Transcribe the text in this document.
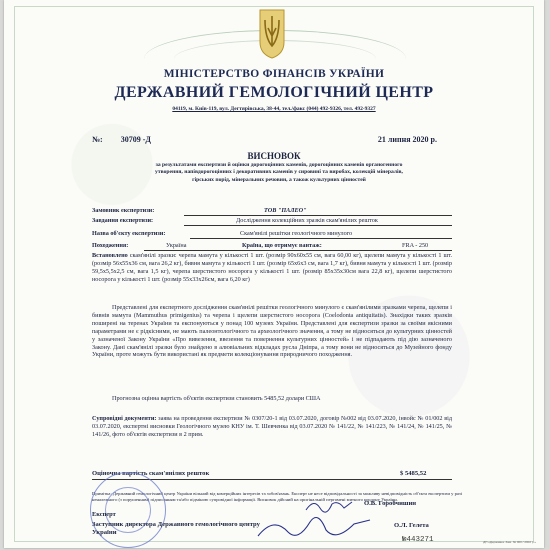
МІНІСТЕРСТВО ФІНАНСІВ УКРАЇНИ
ДЕРЖАВНИЙ ГЕМОЛОГІЧНИЙ ЦЕНТР
04119, м. Київ-119, вул. Дегтярівська, 38-44, тел./факс (044) 492-9326, тел. 492-9327
№: 30709 -Д	21 липня 2020 р.
ВИСНОВОК
за результатами експертизи й оцінки дорогоцінних каменів, дорогоцінних каменів органогенного утворення, напівдорогоцінних і декоративних каменів у сировині та виробах, колекцій мінералів, гірських порід, мінеральних речовин, а також культурних цінностей
Замовник експертизи:	ТОВ "ПАЛЕО"
Завдання експертизи:	Дослідження колекційних зразків скам'янілих решток
Назва об'єкту експертизи:	Скам'янілі решітки геологічного минулого
Походження:	Україна	Країна, що отримує вантаж:	FRA - 250
Встановлено скам'янілі зразки: черепа мамута у кількості 1 шт. (розмір 90х60х55 см, вага 60,00 кг), щелепи мамута у кількості 1 шт. (розмір 56х55х36 см, вага 26,2 кг), бивня мамута у кількості 1 шт. (розмір 65х6х3 см, вага 1,7 кг), бивня мамута у кількості 1 шт. (розмір 59,5х5,5х2,5 см, вага 1,5 кг), черепа шерстистого носорога у кількості 1 шт. (розмір 85х35х30см вага 22,8 кг), щелепи шерстистого носорога у кількості 1 шт. (розмір 55х33х26см, вага 6,20 кг)
Представлені для експертного дослідження скам'янілі решітки геологічного минулого є скам'янілими зразками черепа, щелепи і бивнів мамута (Mammuthus primigenius) та черепа і щелепи шерстистого носорога (Coelodonta antiquitatis). Знахідки таких зразків поширені на теренах України та експонуються у понад 100 музеях України. Представлені для експертизи зразки за своїми якісними параметрами не є рідкісними, не мають палеонтологічного та археологічного значення, а тому не відносяться до культурних цінностей у зазначеної Закону України «Про вивезення, ввезення та повернення культурних цінностей» і не підпадають під дію зазначеного Закону. Дані скам'янілі зразки було знайдено в алювіальних відкладах русла Дніпра, а тому вони не відносяться до Музейного фонду України, проте можуть бути використані як предмети колекціонування природничого походження.
Прогнозна оцінна вартість об'єктів експертизи становить 5485,52 долари США
Супровідні документи: заява на проведення експертизи № 0307/20-1 від 03.07.2020, договір №002 від 03.07.2020, інвойс № 01/002 від 03.07.2020, експертні висновки Геологічного музею КНУ ім. Т. Шевченка від 03.07.2020 № 141/22, № 141/223, № 141/24, № 141/25, № 141/26, фото об'єктів експертизи в 2 прим.
Оціночна вартість скам'янілих решток	$ 5485,52
Примітка: Державний гемологічний центр України вільний від комерційних інтересів та зобов'язань. Експерт не несе відповідальності за можливу невідповідність об'єкта експертизи у разі неналежного (з порушенням) підписанням та/або підміною супровідної інформації. Висновок дійсний на оригінальній пергамені митного кордону України.
Експерт
О.В. Горобчишин
Заступник директора Державного гемологічного центру України
О.Л. Гелета
№443271	ДП «Державна. Зам. № 000 / 2002 р.»
